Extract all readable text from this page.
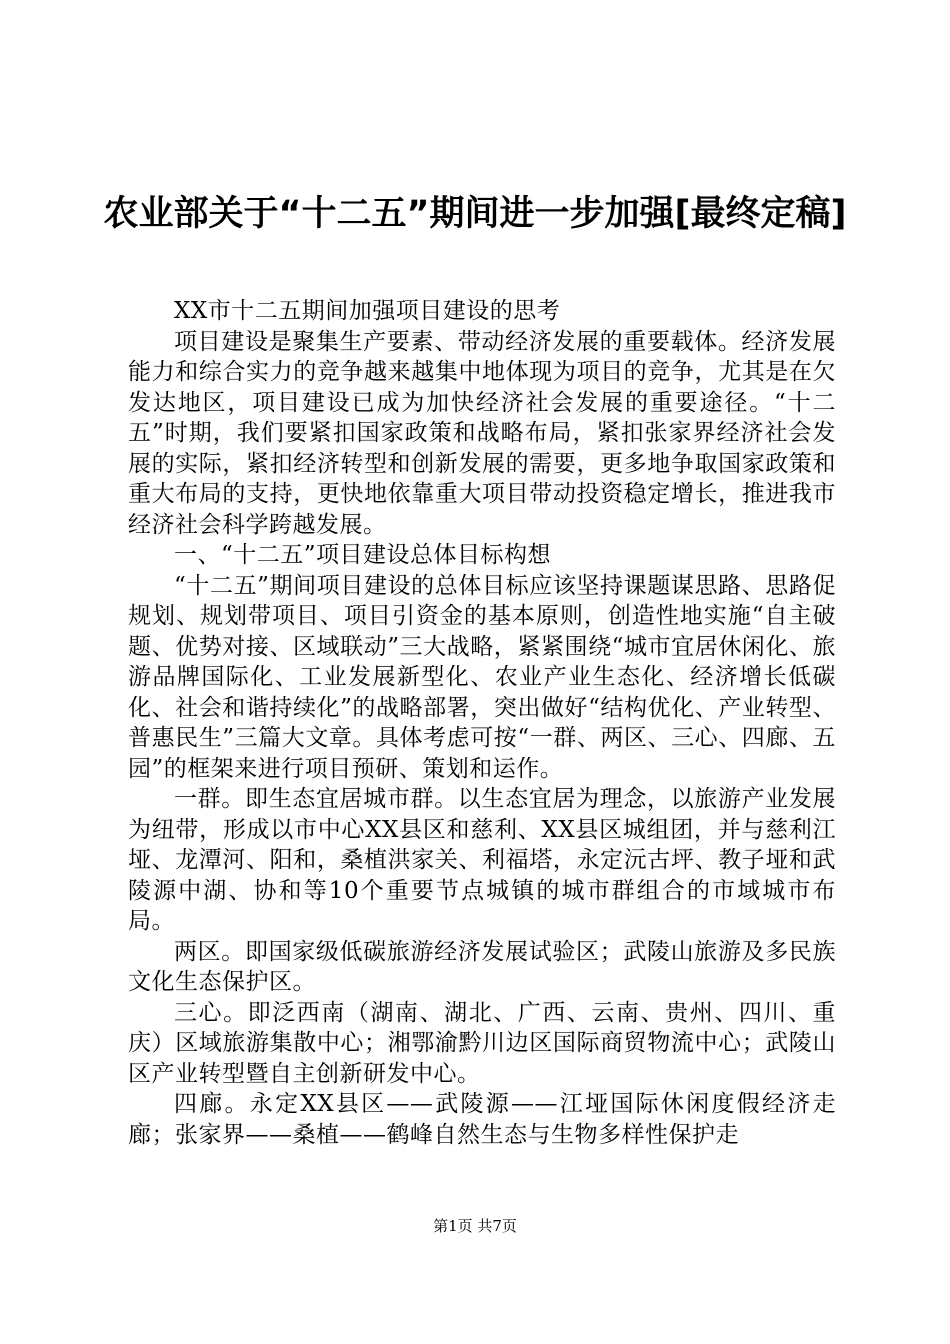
农业部关于“十二五”期间进一步加强[最终定稿]

XX市十二五期间加强项目建设的思考

项目建设是聚集生产要素、带动经济发展的重要载体。经济发展能力和综合实力的竞争越来越集中地体现为项目的竞争，尤其是在欠发达地区，项目建设已成为加快经济社会发展的重要途径。“十二五”时期，我们要紧扣国家政策和战略布局，紧扣张家界经济社会发展的实际，紧扣经济转型和创新发展的需要，更多地争取国家政策和重大布局的支持，更快地依靠重大项目带动投资稳定增长，推进我市经济社会科学跨越发展。

一、“十二五”项目建设总体目标构想

“十二五”期间项目建设的总体目标应该坚持课题谋思路、思路促规划、规划带项目、项目引资金的基本原则，创造性地实施“自主破题、优势对接、区域联动”三大战略，紧紧围绕“城市宜居休闲化、旅游品牌国际化、工业发展新型化、农业产业生态化、经济增长低碳化、社会和谐持续化”的战略部署，突出做好“结构优化、产业转型、普惠民生”三篇大文章。具体考虑可按“一群、两区、三心、四廊、五园”的框架来进行项目预研、策划和运作。

一群。即生态宜居城市群。以生态宜居为理念，以旅游产业发展为纽带，形成以市中心XX县区和慈利、XX县区城组团，并与慈利江垭、龙潭河、阳和，桑植洪家关、利福塔，永定沅古坪、教子垭和武陵源中湖、协和等10个重要节点城镇的城市群组合的市域城市布局。

两区。即国家级低碳旅游经济发展试验区；武陵山旅游及多民族文化生态保护区。

三心。即泛西南（湖南、湖北、广西、云南、贵州、四川、重庆）区域旅游集散中心；湘鄂渝黔川边区国际商贸物流中心；武陵山区产业转型暨自主创新研发中心。

四廊。永定XX县区——武陵源——江垭国际休闲度假经济走廊；张家界——桑植——鹤峰自然生态与生物多样性保护走

第1页 共7页
